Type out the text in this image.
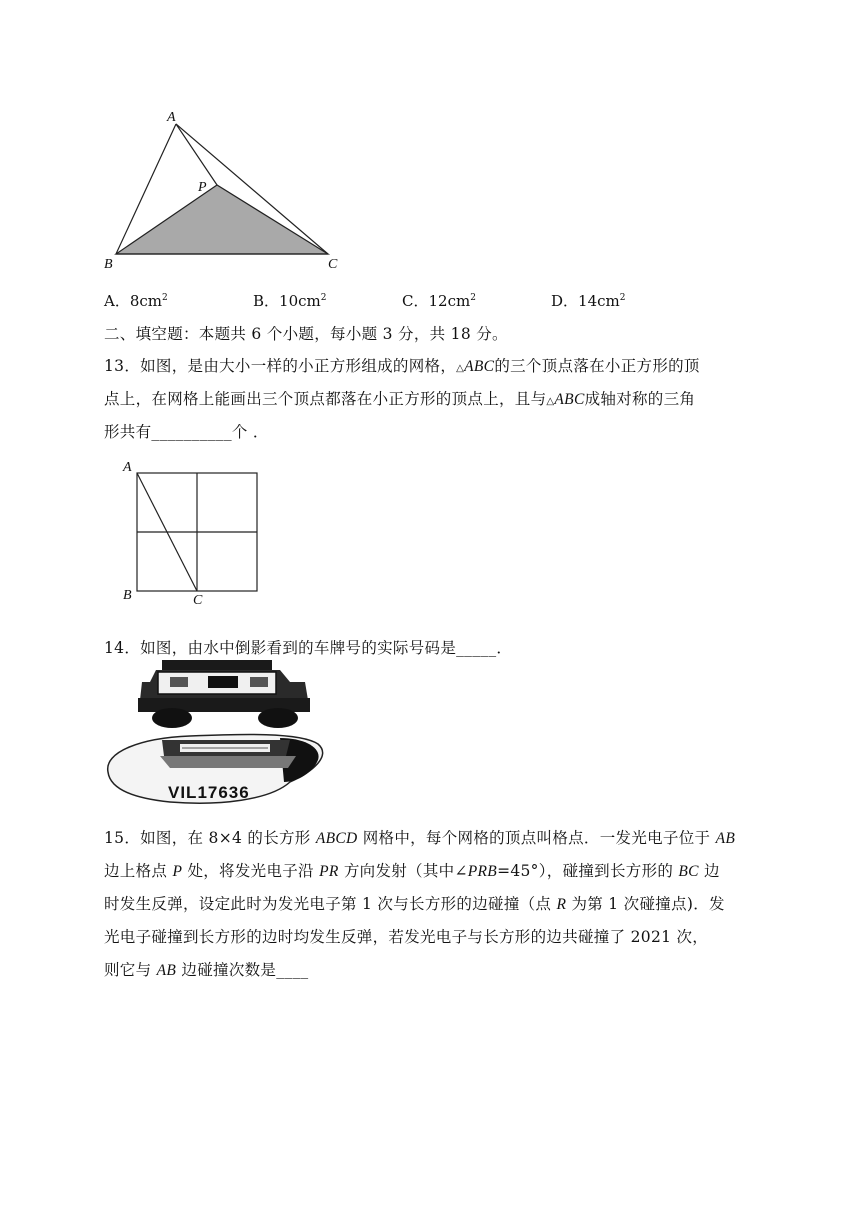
A
P
B	C
A．$8cm^2$	B．$10cm^2$	C．$12cm^2$	D．$14cm^2$
二、填空题：本题共 6 个小题，每小题 3 分，共 18 分。
13．如图，是由大小一样的小正方形组成的网格，△ABC的三个顶点落在小正方形的顶
点上，在网格上能画出三个顶点都落在小正方形的顶点上，且与△ABC成轴对称的三角
形共有__________个 ．
A
B	C
14．如图，由水中倒影看到的车牌号的实际号码是_____．
VIL17636
15．如图，在 8×4 的长方形 ABCD 网格中，每个网格的顶点叫格点．一发光电子位于 AB
边上格点 P 处，将发光电子沿 PR 方向发射（其中∠PRB=45°），碰撞到长方形的 BC 边
时发生反弹，设定此时为发光电子第 1 次与长方形的边碰撞（点 R 为第 1 次碰撞点)．发
光电子碰撞到长方形的边时均发生反弹，若发光电子与长方形的边共碰撞了 2021 次，
则它与 AB 边碰撞次数是____
